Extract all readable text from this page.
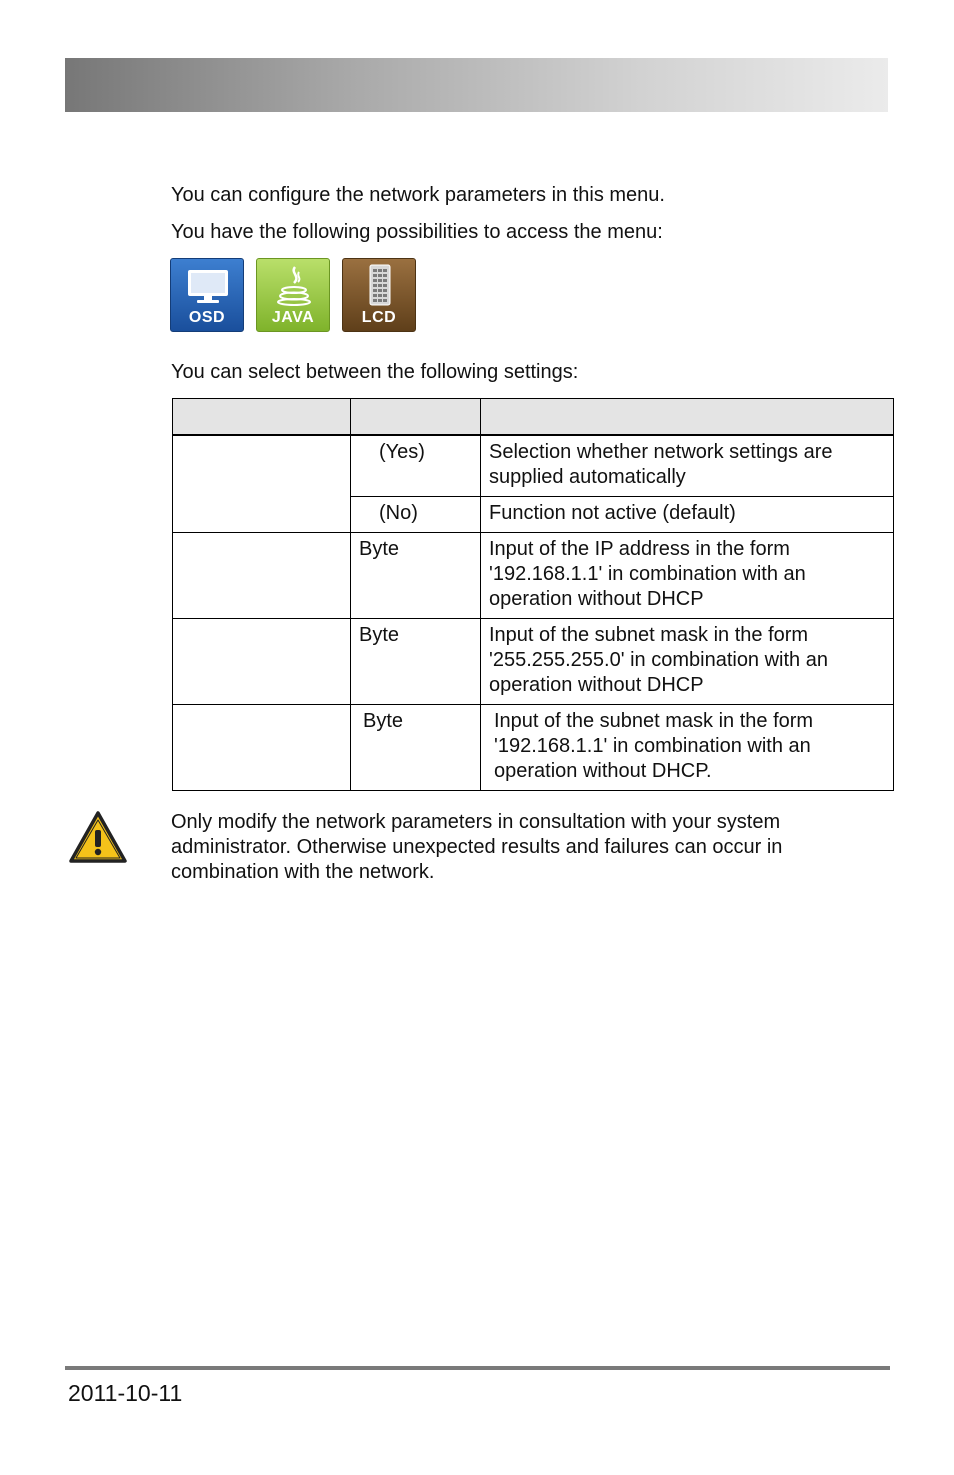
You can configure the network parameters in this menu.

You have the following possibilities to access the menu:

OSD	JAVA	LCD

You can select between the following settings:

	(Yes)	Selection whether network settings are supplied automatically
	(No)	Function not active (default)
	Byte	Input of the IP address in the form '192.168.1.1' in combination with an operation without DHCP
	Byte	Input of the subnet mask in the form '255.255.255.0' in combination with an operation without DHCP
	Byte	Input of the subnet mask in the form '192.168.1.1' in combination with an operation without DHCP.

Only modify the network parameters in consultation with your system administrator. Otherwise unexpected results and failures can occur in combination with the network.

2011-10-11
